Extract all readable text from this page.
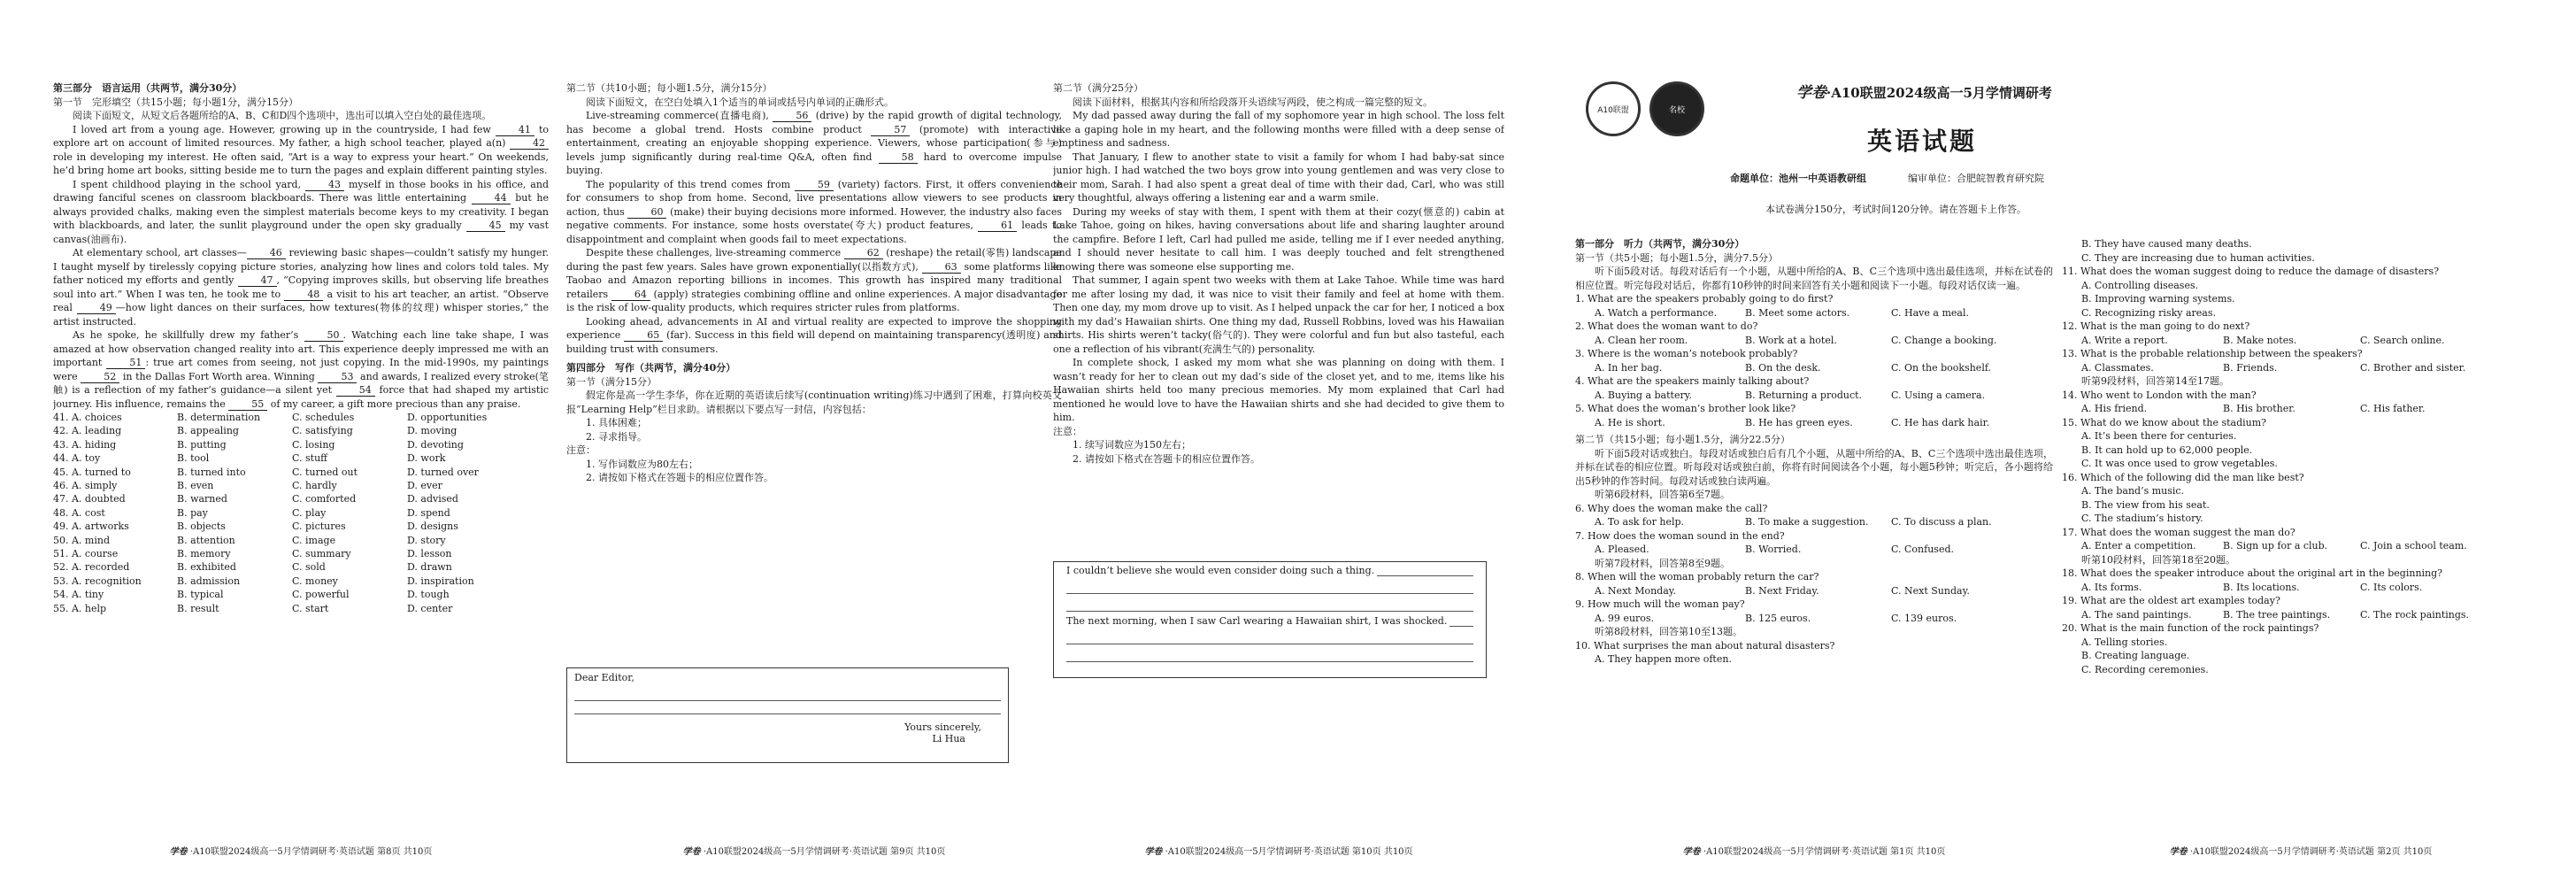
第三部分　语言运用（共两节，满分30分）

第一节　完形填空（共15小题；每小题1分，满分15分）

阅读下面短文，从短文后各题所给的A、B、C和D四个选项中，选出可以填入空白处的最佳选项。

I loved art from a young age. However, growing up in the countryside, I had few 41 to explore art on account of limited resources. My father, a high school teacher, played a(n) 42 role in developing my interest. He often said, “Art is a way to express your heart.” On weekends, he’d bring home art books, sitting beside me to turn the pages and explain different painting styles.

I spent childhood playing in the school yard, 43 myself in those books in his office, and drawing fanciful scenes on classroom blackboards. There was little entertaining 44 but he always provided chalks, making even the simplest materials become keys to my creativity. I began with blackboards, and later, the sunlit playground under the open sky gradually 45 my vast canvas(油画布).

At elementary school, art classes— 46 reviewing basic shapes—couldn’t satisfy my hunger. I taught myself by tirelessly copying picture stories, analyzing how lines and colors told tales. My father noticed my efforts and gently 47 , “Copying improves skills, but observing life breathes soul into art.” When I was ten, he took me to 48 a visit to his art teacher, an artist. “Observe real 49 —how light dances on their surfaces, how textures(物体的纹理) whisper stories,” the artist instructed.

As he spoke, he skillfully drew my father’s 50 . Watching each line take shape, I was amazed at how observation changed reality into art. This experience deeply impressed me with an important 51 : true art comes from seeing, not just copying. In the mid-1990s, my paintings were 52 in the Dallas Fort Worth area. Winning 53 and awards, I realized every stroke(笔触) is a reflection of my father’s guidance—a silent yet 54 force that had shaped my artistic journey. His influence, remains the 55 of my career, a gift more precious than any praise.

41. A. choices	B. determination	C. schedules	D. opportunities
42. A. leading	B. appealing	C. satisfying	D. moving
43. A. hiding	B. putting	C. losing	D. devoting
44. A. toy	B. tool	C. stuff	D. work
45. A. turned to	B. turned into	C. turned out	D. turned over
46. A. simply	B. even	C. hardly	D. ever
47. A. doubted	B. warned	C. comforted	D. advised
48. A. cost	B. pay	C. play	D. spend
49. A. artworks	B. objects	C. pictures	D. designs
50. A. mind	B. attention	C. image	D. story
51. A. course	B. memory	C. summary	D. lesson
52. A. recorded	B. exhibited	C. sold	D. drawn
53. A. recognition	B. admission	C. money	D. inspiration
54. A. tiny	B. typical	C. powerful	D. tough
55. A. help	B. result	C. start	D. center
学卷 ·A10联盟2024级高一5月学情调研考·英语试题 第8页 共10页

第二节（共10小题；每小题1.5分，满分15分）

阅读下面短文，在空白处填入1个适当的单词或括号内单词的正确形式。

Live-streaming commerce(直播电商), 56 (drive) by the rapid growth of digital technology, has become a global trend. Hosts combine product 57 (promote) with interactive entertainment, creating an enjoyable shopping experience. Viewers, whose participation(参与) levels jump significantly during real-time Q&A, often find 58 hard to overcome impulse buying.

The popularity of this trend comes from 59 (variety) factors. First, it offers convenience for consumers to shop from home. Second, live presentations allow viewers to see products in action, thus 60 (make) their buying decisions more informed. However, the industry also faces negative comments. For instance, some hosts overstate(夸大) product features, 61 leads to disappointment and complaint when goods fail to meet expectations.

Despite these challenges, live-streaming commerce 62 (reshape) the retail(零售) landscape during the past few years. Sales have grown exponentially(以指数方式), 63 some platforms like Taobao and Amazon reporting billions in incomes. This growth has inspired many traditional retailers 64 (apply) strategies combining offline and online experiences. A major disadvantage is the risk of low-quality products, which requires stricter rules from platforms.

Looking ahead, advancements in AI and virtual reality are expected to improve the shopping experience 65 (far). Success in this field will depend on maintaining transparency(透明度) and building trust with consumers.

第四部分　写作（共两节，满分40分）

第一节（满分15分）

假定你是高一学生李华，你在近期的英语读后续写(continuation writing)练习中遇到了困难，打算向校英文报“Learning Help”栏目求助。请根据以下要点写一封信，内容包括：

1. 具体困难；

2. 寻求指导。

注意：

1. 写作词数应为80左右；

2. 请按如下格式在答题卡的相应位置作答。

Dear Editor,
Yours sincerely,
Li Hua
学卷 ·A10联盟2024级高一5月学情调研考·英语试题 第9页 共10页

第二节（满分25分）

阅读下面材料，根据其内容和所给段落开头语续写两段，使之构成一篇完整的短文。

My dad passed away during the fall of my sophomore year in high school. The loss felt like a gaping hole in my heart, and the following months were filled with a deep sense of emptiness and sadness.

That January, I flew to another state to visit a family for whom I had baby-sat since junior high. I had watched the two boys grow into young gentlemen and was very close to their mom, Sarah. I had also spent a great deal of time with their dad, Carl, who was still very thoughtful, always offering a listening ear and a warm smile.

During my weeks of stay with them, I spent with them at their cozy(惬意的) cabin at Lake Tahoe, going on hikes, having conversations about life and sharing laughter around the campfire. Before I left, Carl had pulled me aside, telling me if I ever needed anything, and I should never hesitate to call him. I was deeply touched and felt strengthened knowing there was someone else supporting me.

That summer, I again spent two weeks with them at Lake Tahoe. While time was hard for me after losing my dad, it was nice to visit their family and feel at home with them. Then one day, my mom drove up to visit. As I helped unpack the car for her, I noticed a box with my dad’s Hawaiian shirts. One thing my dad, Russell Robbins, loved was his Hawaiian shirts. His shirts weren’t tacky(俗气的). They were colorful and fun but also tasteful, each one a reflection of his vibrant(充满生气的) personality.

In complete shock, I asked my mom what she was planning on doing with them. I wasn’t ready for her to clean out my dad’s side of the closet yet, and to me, items like his Hawaiian shirts held too many precious memories. My mom explained that Carl had mentioned he would love to have the Hawaiian shirts and she had decided to give them to him.

注意：

1. 续写词数应为150左右；

2. 请按如下格式在答题卡的相应位置作答。

I couldn’t believe she would even consider doing such a thing.
The next morning, when I saw Carl wearing a Hawaiian shirt, I was shocked.
学卷 ·A10联盟2024级高一5月学情调研考·英语试题 第10页 共10页
A10联盟	名校
学卷·A10联盟2024级高一5月学情调研考
英语试题
命题单位：池州一中英语教研组	编审单位：合肥皖智教育研究院
本试卷满分150分，考试时间120分钟。请在答题卡上作答。

第一部分　听力（共两节，满分30分）

第一节（共5小题；每小题1.5分，满分7.5分）

听下面5段对话。每段对话后有一个小题，从题中所给的A、B、C三个选项中选出最佳选项，并标在试卷的相应位置。听完每段对话后，你都有10秒钟的时间来回答有关小题和阅读下一小题。每段对话仅读一遍。

1. What are the speakers probably going to do first?

A. Watch a performance.	B. Meet some actors.	C. Have a meal.

2. What does the woman want to do?

A. Clean her room.	B. Work at a hotel.	C. Change a booking.

3. Where is the woman’s notebook probably?

A. In her bag.	B. On the desk.	C. On the bookshelf.

4. What are the speakers mainly talking about?

A. Buying a battery.	B. Returning a product.	C. Using a camera.

5. What does the woman’s brother look like?

A. He is short.	B. He has green eyes.	C. He has dark hair.

第二节（共15小题；每小题1.5分，满分22.5分）

听下面5段对话或独白。每段对话或独白后有几个小题，从题中所给的A、B、C三个选项中选出最佳选项，并标在试卷的相应位置。听每段对话或独白前，你将有时间阅读各个小题，每小题5秒钟；听完后，各小题将给出5秒钟的作答时间。每段对话或独白读两遍。

听第6段材料，回答第6至7题。

6. Why does the woman make the call?

A. To ask for help.	B. To make a suggestion.	C. To discuss a plan.

7. How does the woman sound in the end?

A. Pleased.	B. Worried.	C. Confused.

听第7段材料，回答第8至9题。

8. When will the woman probably return the car?

A. Next Monday.	B. Next Friday.	C. Next Sunday.

9. How much will the woman pay?

A. 99 euros.	B. 125 euros.	C. 139 euros.

听第8段材料，回答第10至13题。

10. What surprises the man about natural disasters?

A. They happen more often.

学卷 ·A10联盟2024级高一5月学情调研考·英语试题 第1页 共10页

B. They have caused many deaths.

C. They are increasing due to human activities.

11. What does the woman suggest doing to reduce the damage of disasters?

A. Controlling diseases.

B. Improving warning systems.

C. Recognizing risky areas.

12. What is the man going to do next?

A. Write a report.	B. Make notes.	C. Search online.

13. What is the probable relationship between the speakers?

A. Classmates.	B. Friends.	C. Brother and sister.

听第9段材料，回答第14至17题。

14. Who went to London with the man?

A. His friend.	B. His brother.	C. His father.

15. What do we know about the stadium?

A. It’s been there for centuries.

B. It can hold up to 62,000 people.

C. It was once used to grow vegetables.

16. Which of the following did the man like best?

A. The band’s music.

B. The view from his seat.

C. The stadium’s history.

17. What does the woman suggest the man do?

A. Enter a competition.	B. Sign up for a club.	C. Join a school team.

听第10段材料，回答第18至20题。

18. What does the speaker introduce about the original art in the beginning?

A. Its forms.	B. Its locations.	C. Its colors.

19. What are the oldest art examples today?

A. The sand paintings.	B. The tree paintings.	C. The rock paintings.

20. What is the main function of the rock paintings?

A. Telling stories.

B. Creating language.

C. Recording ceremonies.

学卷 ·A10联盟2024级高一5月学情调研考·英语试题 第2页 共10页
